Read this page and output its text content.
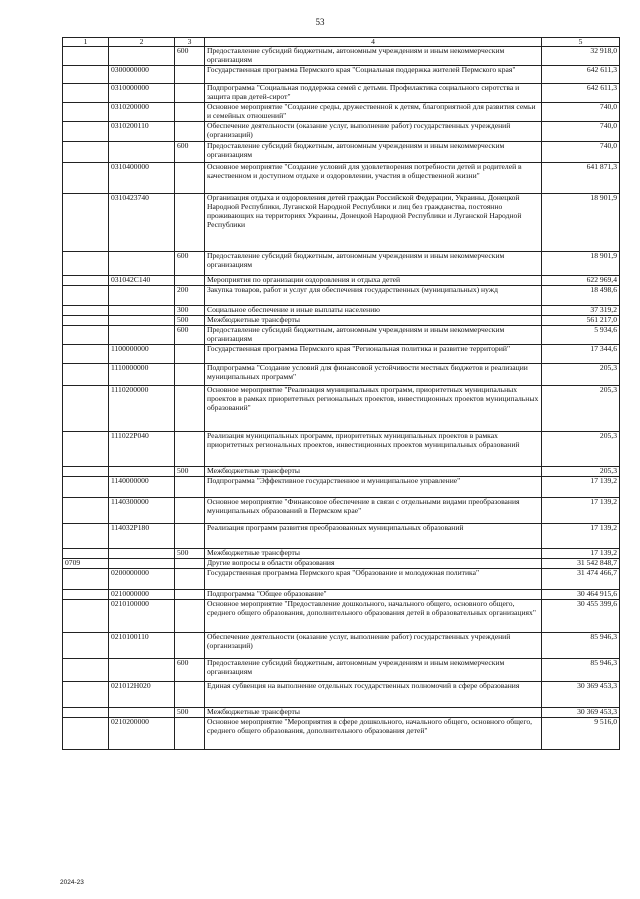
53
1	2	3	4	5
		600	Предоставление субсидий бюджетным, автономным учреждениям и иным некоммерческим организациям	32 918,0
	0300000000		Государственная программа Пермского края "Социальная поддержка жителей Пермского края"	642 611,3
	0310000000		Подпрограмма "Социальная поддержка семей с детьми. Профилактика социального сиротства и защита прав детей-сирот"	642 611,3
	0310200000		Основное мероприятие "Создание среды, дружественной к детям, благоприятной для развития семьи и семейных отношений"	740,0
	0310200110		Обеспечение деятельности (оказание услуг, выполнение работ) государственных учреждений (организаций)	740,0
		600	Предоставление субсидий бюджетным, автономным учреждениям и иным некоммерческим организациям	740,0
	0310400000		Основное мероприятие "Создание условий для удовлетворения потребности детей и родителей в качественном и доступном отдыхе и оздоровлении, участия в общественной жизни"	641 871,3
	0310423740		Организация отдыха и оздоровления детей граждан Российской Федерации, Украины, Донецкой Народной Республики, Луганской Народной Республики и лиц без гражданства, постоянно проживающих на территориях Украины, Донецкой Народной Республики и Луганской Народной Республики	18 901,9
		600	Предоставление субсидий бюджетным, автономным учреждениям и иным некоммерческим организациям	18 901,9
	031042С140		Мероприятия по организации оздоровления и отдыха детей	622 969,4
		200	Закупка товаров, работ и услуг для обеспечения государственных (муниципальных) нужд	18 498,6
		300	Социальное обеспечение и иные выплаты населению	37 319,2
		500	Межбюджетные трансферты	561 217,0
		600	Предоставление субсидий бюджетным, автономным учреждениям и иным некоммерческим организациям	5 934,6
	1100000000		Государственная программа Пермского края "Региональная политика и развитие территорий"	17 344,6
	1110000000		Подпрограмма "Создание условий для финансовой устойчивости местных бюджетов и реализации муниципальных программ"	205,3
	1110200000		Основное мероприятие "Реализация муниципальных программ, приоритетных муниципальных проектов в рамках приоритетных региональных проектов, инвестиционных проектов муниципальных образований"	205,3
	111022Р040		Реализация муниципальных программ, приоритетных муниципальных проектов в рамках приоритетных региональных проектов, инвестиционных проектов муниципальных образований	205,3
		500	Межбюджетные трансферты	205,3
	1140000000		Подпрограмма "Эффективное государственное и муниципальное управление"	17 139,2
	1140300000		Основное мероприятие "Финансовое обеспечение в связи с отдельными видами преобразования муниципальных образований в Пермском крае"	17 139,2
	114032Р180		Реализация программ развития преобразованных муниципальных образований	17 139,2
		500	Межбюджетные трансферты	17 139,2
0709			Другие вопросы в области образования	31 542 848,7
	0200000000		Государственная программа Пермского края "Образование и молодежная политика"	31 474 466,7
	0210000000		Подпрограмма "Общее образование"	30 464 915,6
	0210100000		Основное мероприятие "Предоставление дошкольного, начального общего, основного общего, среднего общего образования, дополнительного образования детей в образовательных организациях"	30 455 399,6
	0210100110		Обеспечение деятельности (оказание услуг, выполнение работ) государственных учреждений (организаций)	85 946,3
		600	Предоставление субсидий бюджетным, автономным учреждениям и иным некоммерческим организациям	85 946,3
	021012Н020		Единая субвенция на выполнение отдельных государственных полномочий в сфере образования	30 369 453,3
		500	Межбюджетные трансферты	30 369 453,3
	0210200000		Основное мероприятие "Мероприятия в сфере дошкольного, начального общего, основного общего, среднего общего образования, дополнительного образования детей"	9 516,0
2024-23
